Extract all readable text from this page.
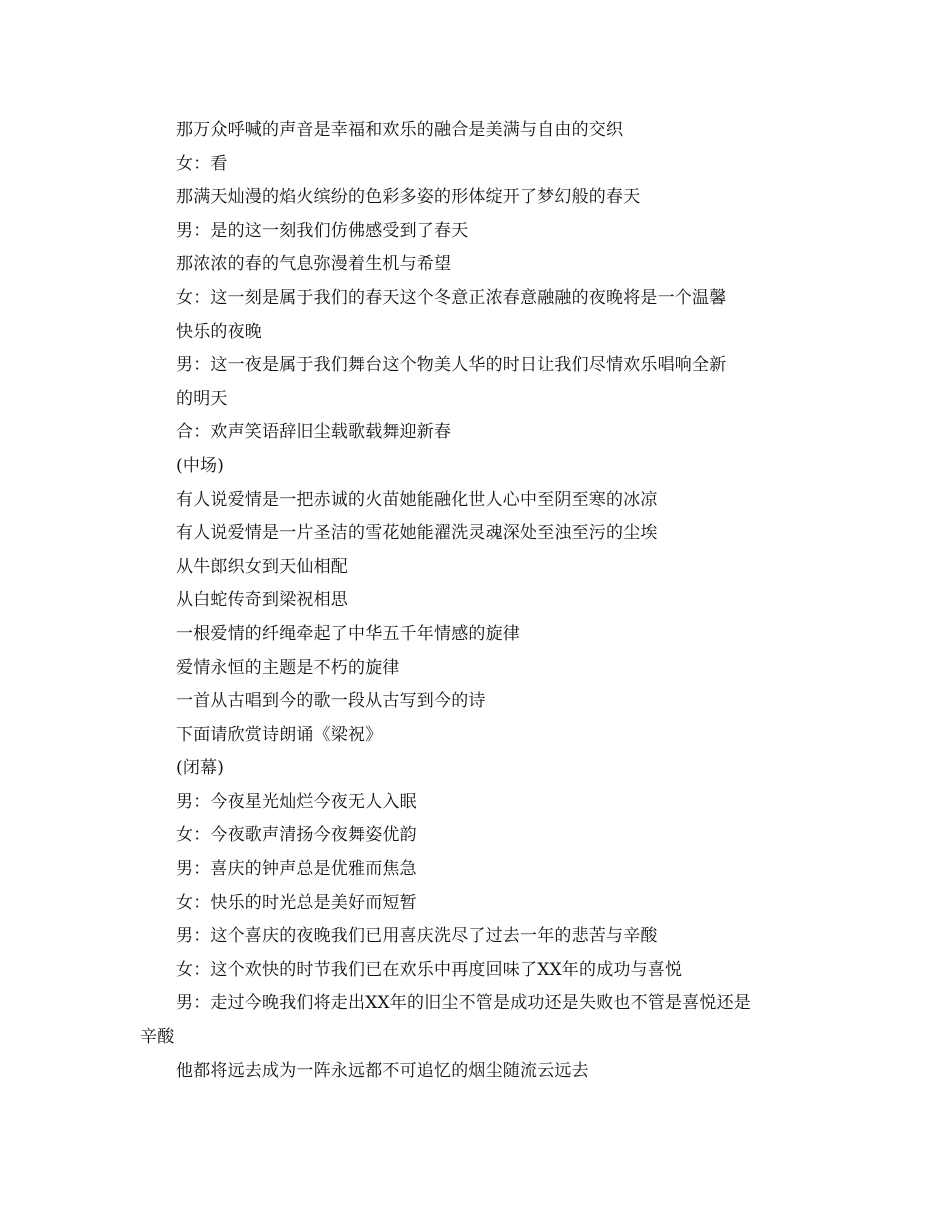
那万众呼喊的声音是幸福和欢乐的融合是美满与自由的交织
女：看
那满天灿漫的焰火缤纷的色彩多姿的形体绽开了梦幻般的春天
男：是的这一刻我们仿佛感受到了春天
那浓浓的春的气息弥漫着生机与希望
女：这一刻是属于我们的春天这个冬意正浓春意融融的夜晚将是一个温馨
快乐的夜晚
男：这一夜是属于我们舞台这个物美人华的时日让我们尽情欢乐唱响全新
的明天
合：欢声笑语辞旧尘载歌载舞迎新春
(中场)
有人说爱情是一把赤诚的火苗她能融化世人心中至阴至寒的冰凉
有人说爱情是一片圣洁的雪花她能濯洗灵魂深处至浊至污的尘埃
从牛郎织女到天仙相配
从白蛇传奇到梁祝相思
一根爱情的纤绳牵起了中华五千年情感的旋律
爱情永恒的主题是不朽的旋律
一首从古唱到今的歌一段从古写到今的诗
下面请欣赏诗朗诵《梁祝》
(闭幕)
男：今夜星光灿烂今夜无人入眠
女：今夜歌声清扬今夜舞姿优韵
男：喜庆的钟声总是优雅而焦急
女：快乐的时光总是美好而短暂
男：这个喜庆的夜晚我们已用喜庆洗尽了过去一年的悲苦与辛酸
女：这个欢快的时节我们已在欢乐中再度回味了XX年的成功与喜悦
男：走过今晚我们将走出XX年的旧尘不管是成功还是失败也不管是喜悦还是
辛酸
他都将远去成为一阵永远都不可追忆的烟尘随流云远去
